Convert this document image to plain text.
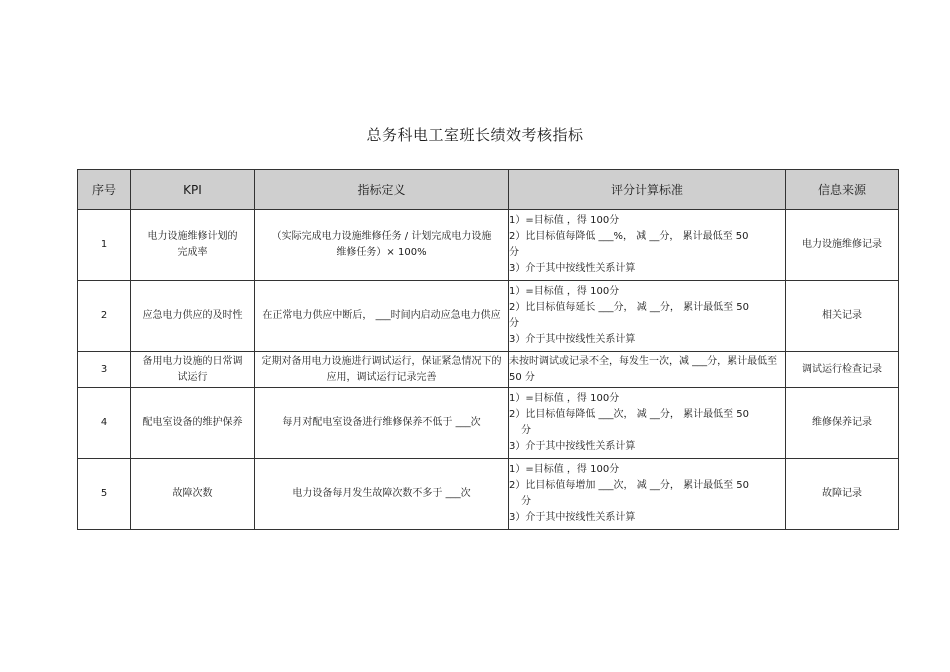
总务科电工室班长绩效考核指标
序号	KPI	指标定义	评分计算标准	信息来源
1	电力设施维修计划的完成率	（实际完成电力设施维修任务 / 计划完成电力设施维修任务）× 100%	1）=目标值 ，得 100分
2）比目标值每降低 ___%， 减 __分， 累计最低至 50
分
3）介于其中按线性关系计算	电力设施维修记录
2	应急电力供应的及时性	在正常电力供应中断后， ___时间内启动应急电力供应	1）=目标值 ，得 100分
2）比目标值每延长 ___分， 减 __分， 累计最低至 50
分
3）介于其中按线性关系计算	相关记录
3	备用电力设施的日常调试运行	定期对备用电力设施进行调试运行，保证紧急情况下的应用，调试运行记录完善	未按时调试或记录不全，每发生一次，减 ___分，累计最低至 50 分	调试运行检查记录
4	配电室设备的维护保养	每月对配电室设备进行维修保养不低于 ___次	1）=目标值 ，得 100分
2）比目标值每降低 ___次， 减 __分， 累计最低至 50
分
3）介于其中按线性关系计算	维修保养记录
5	故障次数	电力设备每月发生故障次数不多于 ___次	1）=目标值 ，得 100分
2）比目标值每增加 ___次， 减 __分， 累计最低至 50
分
3）介于其中按线性关系计算	故障记录
